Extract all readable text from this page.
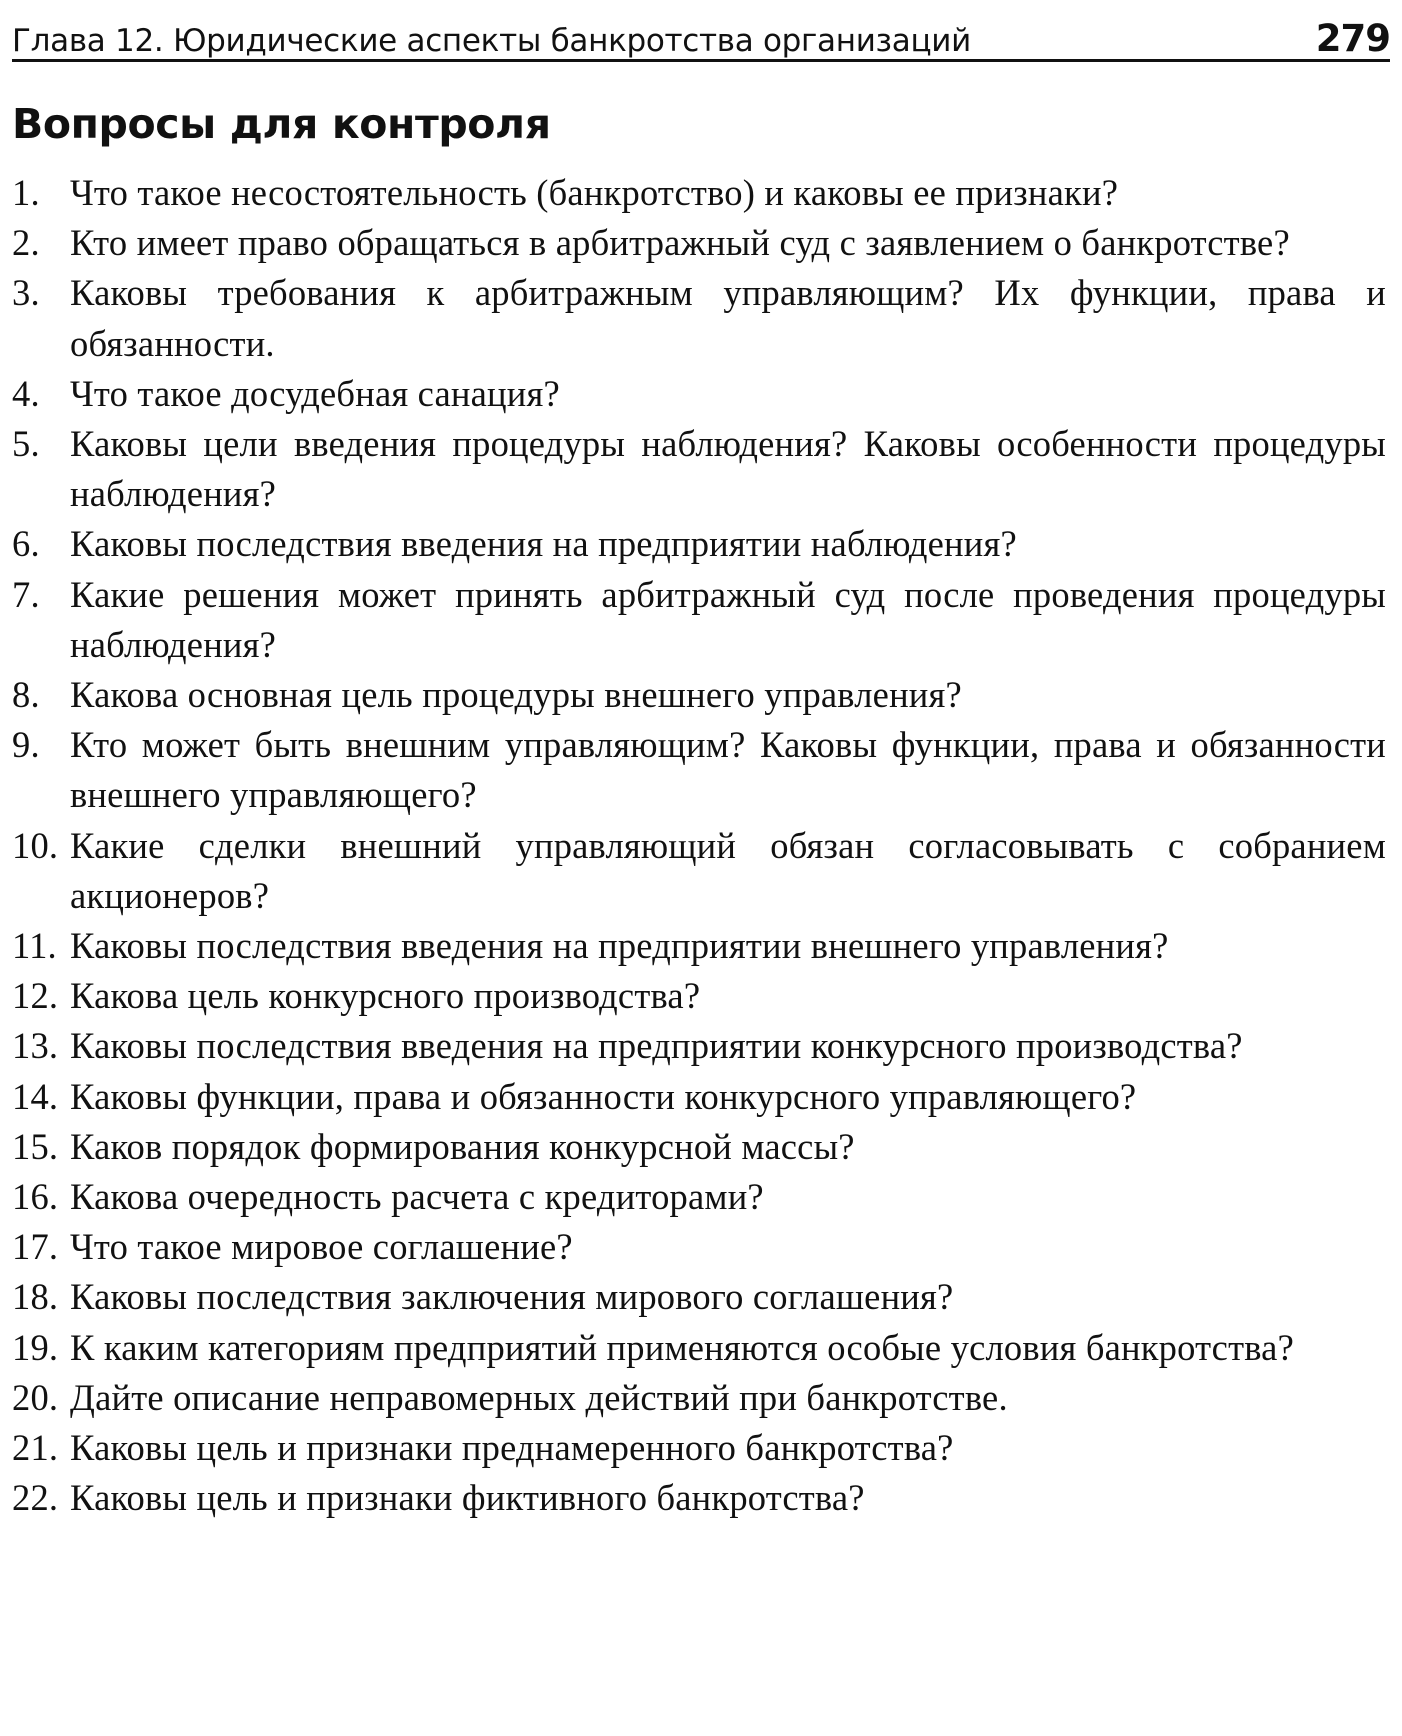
Глава 12. Юридические аспекты банкротства организаций	279
Вопросы для контроля
1. Что такое несостоятельность (банкротство) и каковы ее признаки?
2. Кто имеет право обращаться в арбитражный суд с заявлением о банкротстве?
3. Каковы требования к арбитражным управляющим? Их функции, права и обязанности.
4. Что такое досудебная санация?
5. Каковы цели введения процедуры наблюдения? Каковы особенности процедуры наблюдения?
6. Каковы последствия введения на предприятии наблюдения?
7. Какие решения может принять арбитражный суд после проведения процедуры наблюдения?
8. Какова основная цель процедуры внешнего управления?
9. Кто может быть внешним управляющим? Каковы функции, права и обязанности внешнего управляющего?
10. Какие сделки внешний управляющий обязан согласовывать с собранием акционеров?
11. Каковы последствия введения на предприятии внешнего управления?
12. Какова цель конкурсного производства?
13. Каковы последствия введения на предприятии конкурсного производства?
14. Каковы функции, права и обязанности конкурсного управляющего?
15. Каков порядок формирования конкурсной массы?
16. Какова очередность расчета с кредиторами?
17. Что такое мировое соглашение?
18. Каковы последствия заключения мирового соглашения?
19. К каким категориям предприятий применяются особые условия банкротства?
20. Дайте описание неправомерных действий при банкротстве.
21. Каковы цель и признаки преднамеренного банкротства?
22. Каковы цель и признаки фиктивного банкротства?
